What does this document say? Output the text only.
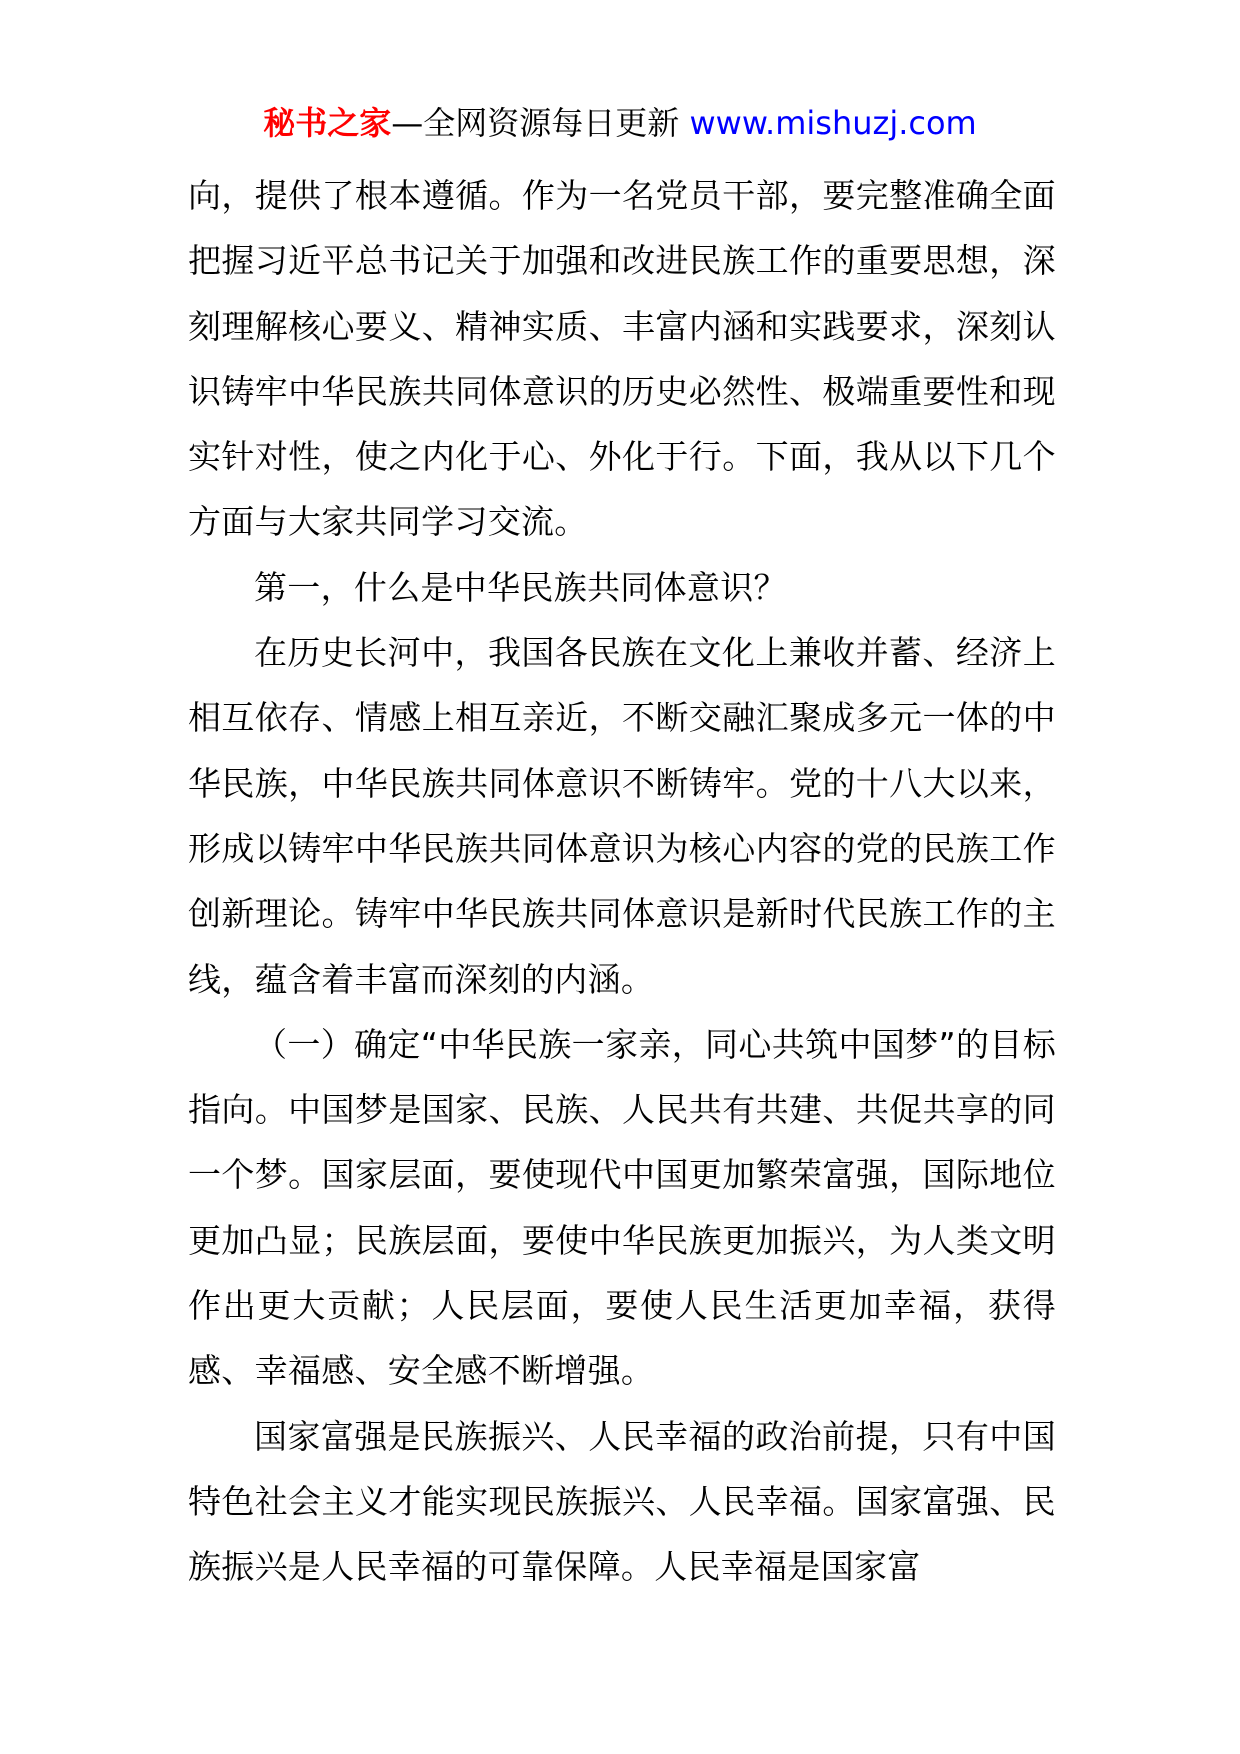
秘书之家—全网资源每日更新 www.mishuzj.com

向，提供了根本遵循。作为一名党员干部，要完整准确全面把握习近平总书记关于加强和改进民族工作的重要思想，深刻理解核心要义、精神实质、丰富内涵和实践要求，深刻认识铸牢中华民族共同体意识的历史必然性、极端重要性和现实针对性，使之内化于心、外化于行。下面，我从以下几个方面与大家共同学习交流。

第一，什么是中华民族共同体意识？

在历史长河中，我国各民族在文化上兼收并蓄、经济上相互依存、情感上相互亲近，不断交融汇聚成多元一体的中华民族，中华民族共同体意识不断铸牢。党的十八大以来，形成以铸牢中华民族共同体意识为核心内容的党的民族工作创新理论。铸牢中华民族共同体意识是新时代民族工作的主线，蕴含着丰富而深刻的内涵。

（一）确定“中华民族一家亲，同心共筑中国梦”的目标指向。中国梦是国家、民族、人民共有共建、共促共享的同一个梦。国家层面，要使现代中国更加繁荣富强，国际地位更加凸显；民族层面，要使中华民族更加振兴，为人类文明作出更大贡献；人民层面，要使人民生活更加幸福，获得感、幸福感、安全感不断增强。

国家富强是民族振兴、人民幸福的政治前提，只有中国特色社会主义才能实现民族振兴、人民幸福。国家富强、民族振兴是人民幸福的可靠保障。人民幸福是国家富
